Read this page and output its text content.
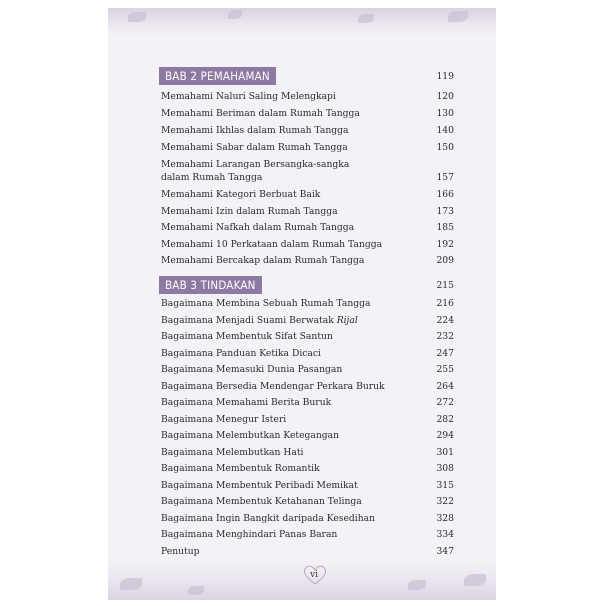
BAB 2 PEMAHAMAN	119
Memahami Naluri Saling Melengkapi	120
Memahami Beriman dalam Rumah Tangga	130
Memahami Ikhlas dalam Rumah Tangga	140
Memahami Sabar dalam Rumah Tangga	150
Memahami Larangan Bersangka-sangka
dalam Rumah Tangga	157
Memahami Kategori Berbuat Baik	166
Memahami Izin dalam Rumah Tangga	173
Memahami Nafkah dalam Rumah Tangga	185
Memahami 10 Perkataan dalam Rumah Tangga	192
Memahami Bercakap dalam Rumah Tangga	209
BAB 3 TINDAKAN	215
Bagaimana Membina Sebuah Rumah Tangga	216
Bagaimana Menjadi Suami Berwatak Rijal	224
Bagaimana Membentuk Sifat Santun	232
Bagaimana Panduan Ketika Dicaci	247
Bagaimana Memasuki Dunia Pasangan	255
Bagaimana Bersedia Mendengar Perkara Buruk	264
Bagaimana Memahami Berita Buruk	272
Bagaimana Menegur Isteri	282
Bagaimana Melembutkan Ketegangan	294
Bagaimana Melembutkan Hati	301
Bagaimana Membentuk Romantik	308
Bagaimana Membentuk Peribadi Memikat	315
Bagaimana Membentuk Ketahanan Telinga	322
Bagaimana Ingin Bangkit daripada Kesedihan	328
Bagaimana Menghindari Panas Baran	334
Penutup	347
vi
